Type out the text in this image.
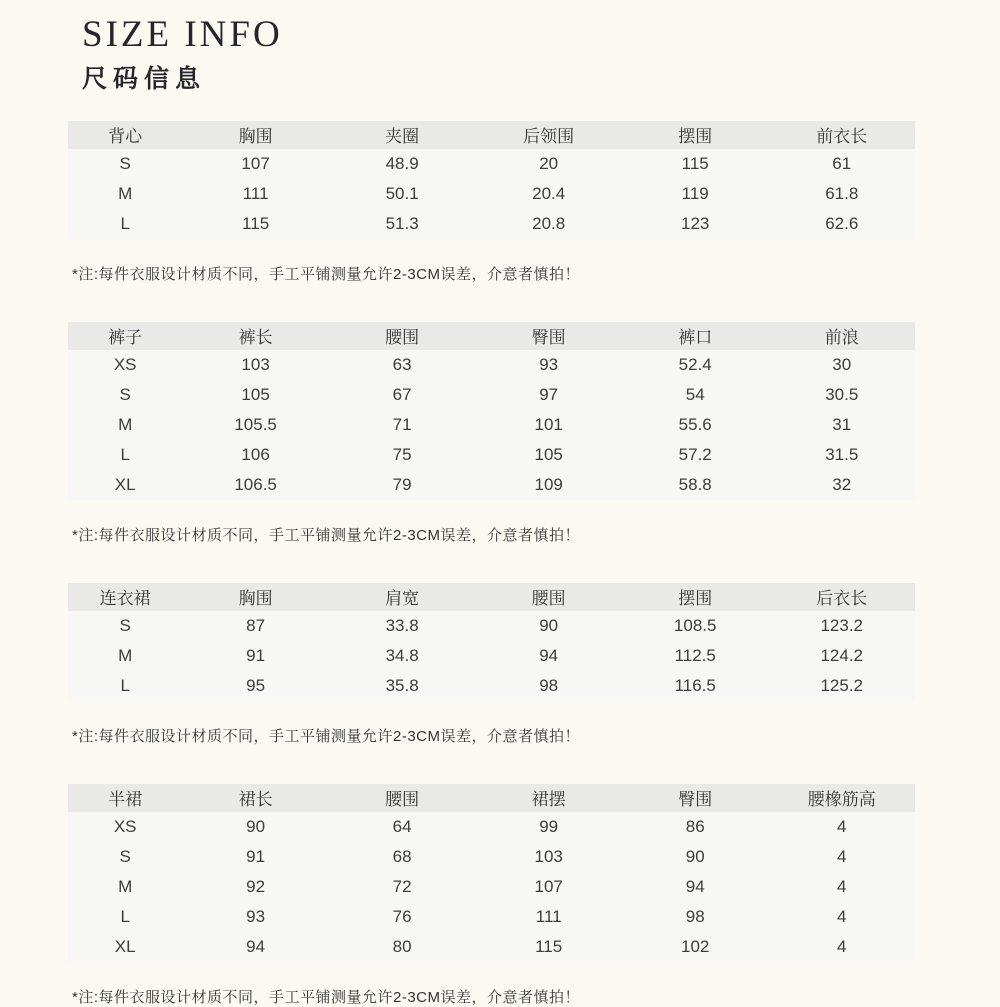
SIZE INFO
尺码信息
背心	胸围	夹圈	后领围	摆围	前衣长
S	107	48.9	20	115	61
M	111	50.1	20.4	119	61.8
L	115	51.3	20.8	123	62.6

*注:每件衣服设计材质不同，手工平铺测量允许2-3CM误差，介意者慎拍！

裤子	裤长	腰围	臀围	裤口	前浪
XS	103	63	93	52.4	30
S	105	67	97	54	30.5
M	105.5	71	101	55.6	31
L	106	75	105	57.2	31.5
XL	106.5	79	109	58.8	32

*注:每件衣服设计材质不同，手工平铺测量允许2-3CM误差，介意者慎拍！

连衣裙	胸围	肩宽	腰围	摆围	后衣长
S	87	33.8	90	108.5	123.2
M	91	34.8	94	112.5	124.2
L	95	35.8	98	116.5	125.2

*注:每件衣服设计材质不同，手工平铺测量允许2-3CM误差，介意者慎拍！

半裙	裙长	腰围	裙摆	臀围	腰橡筋高
XS	90	64	99	86	4
S	91	68	103	90	4
M	92	72	107	94	4
L	93	76	111	98	4
XL	94	80	115	102	4

*注:每件衣服设计材质不同，手工平铺测量允许2-3CM误差，介意者慎拍！
